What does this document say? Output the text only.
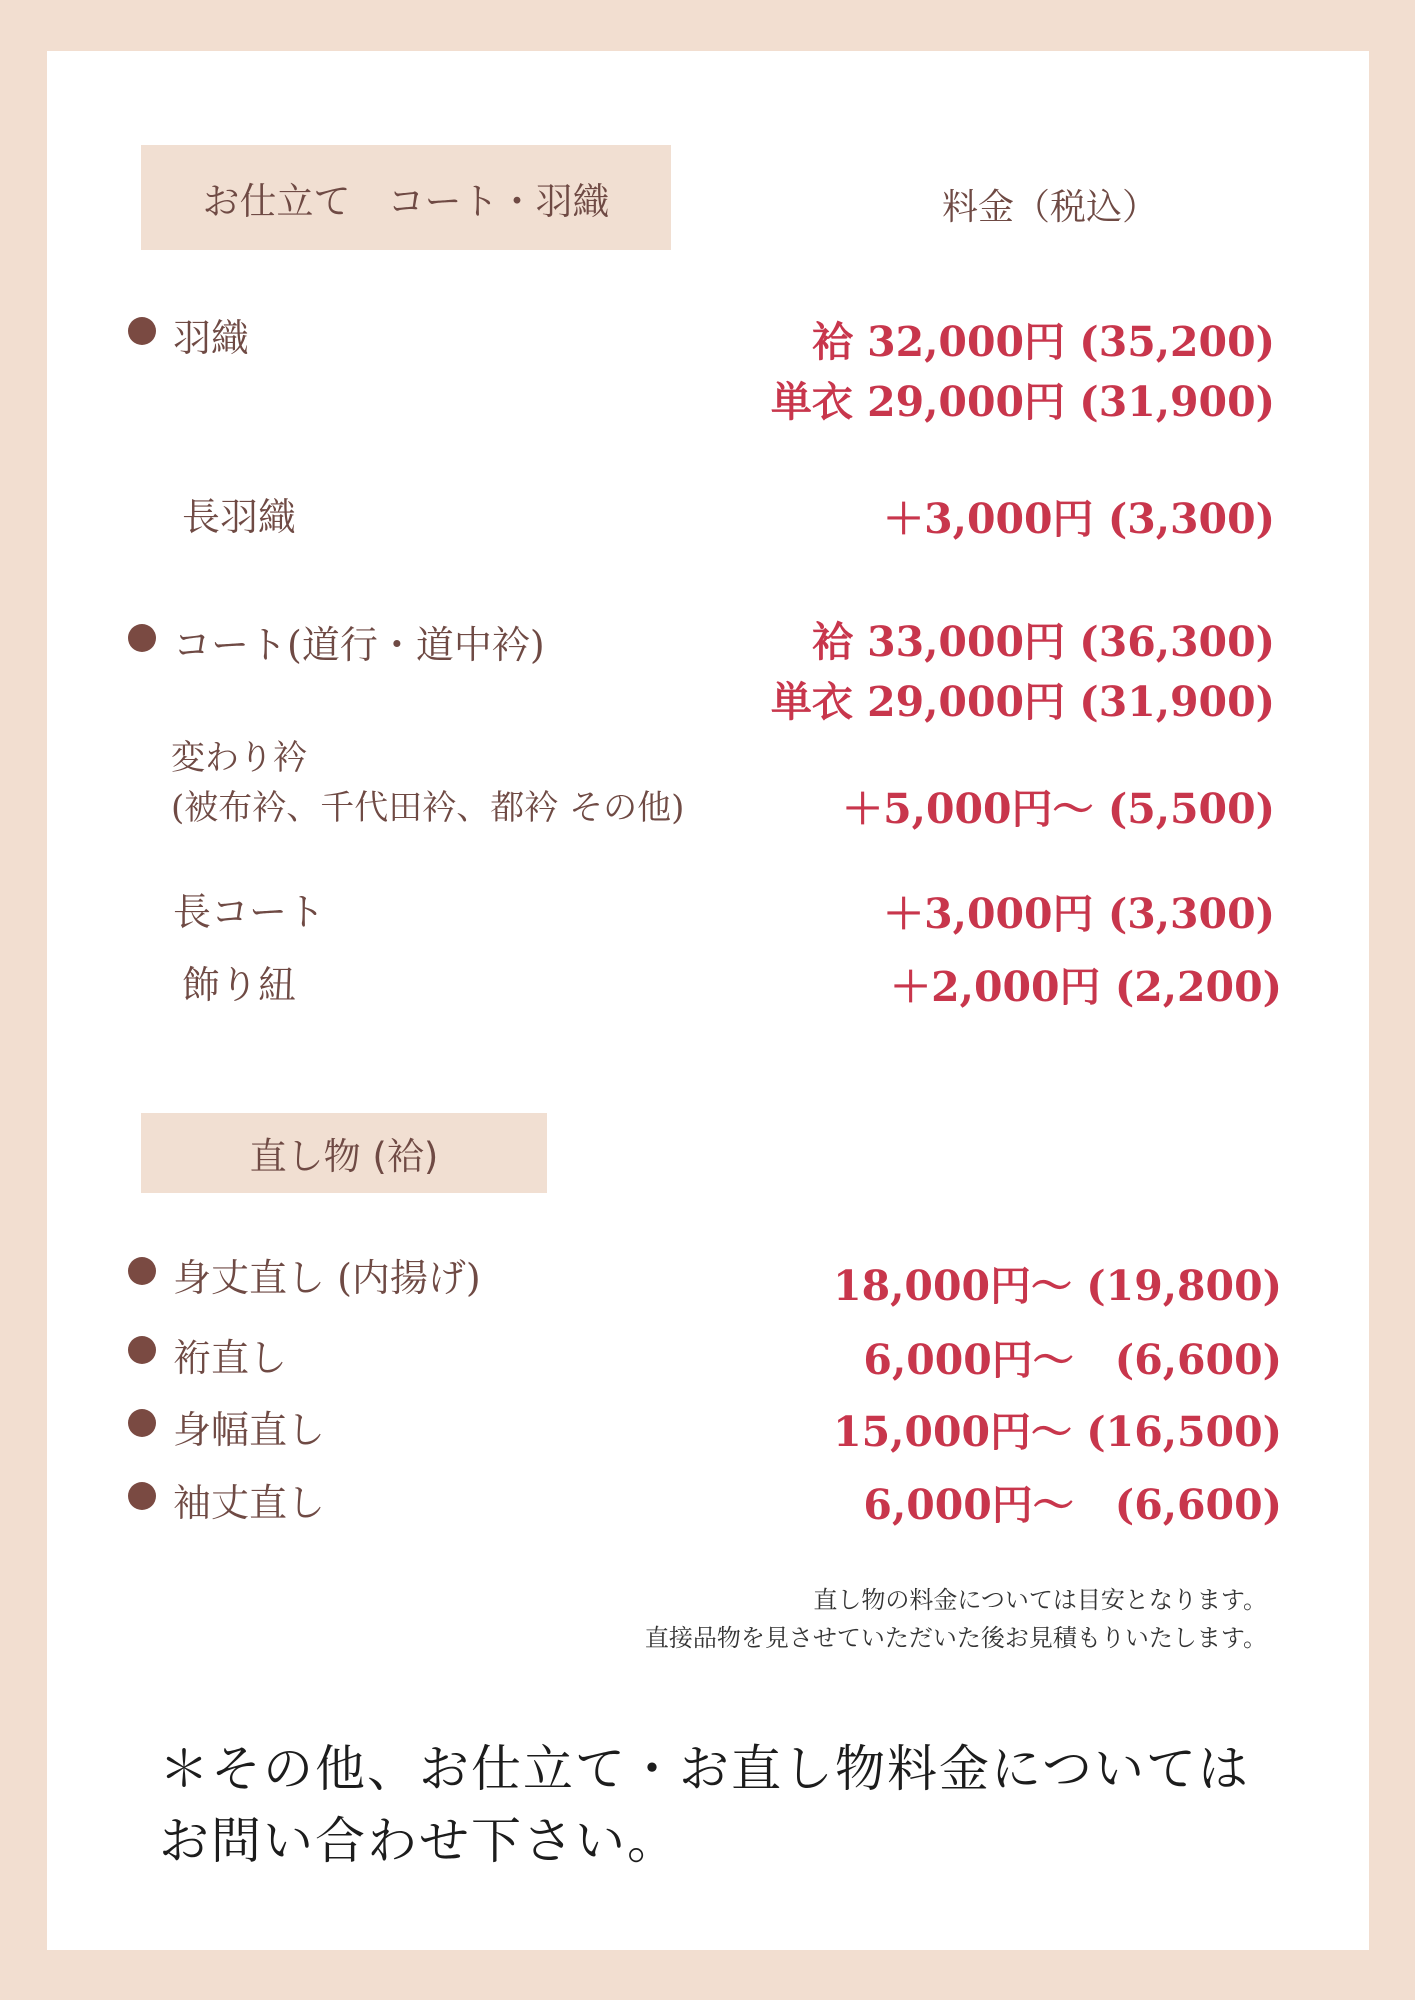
お仕立て　コート・羽織	料金（税込）
羽織	袷 32,000円 (35,200)
単衣 29,000円 (31,900)
長羽織	＋3,000円 (3,300)
コート(道行・道中衿)	袷 33,000円 (36,300)
単衣 29,000円 (31,900)
変わり衿
(被布衿、千代田衿、都衿 その他)	＋5,000円〜 (5,500)
長コート	＋3,000円 (3,300)
飾り紐	＋2,000円 (2,200)
直し物 (袷)
身丈直し (内揚げ)	18,000円〜 (19,800)
裄直し	6,000円〜　(6,600)
身幅直し	15,000円〜 (16,500)
袖丈直し	6,000円〜　(6,600)
直し物の料金については目安となります。
直接品物を見させていただいた後お見積もりいたします。
＊その他、お仕立て・お直し物料金については
お問い合わせ下さい。
